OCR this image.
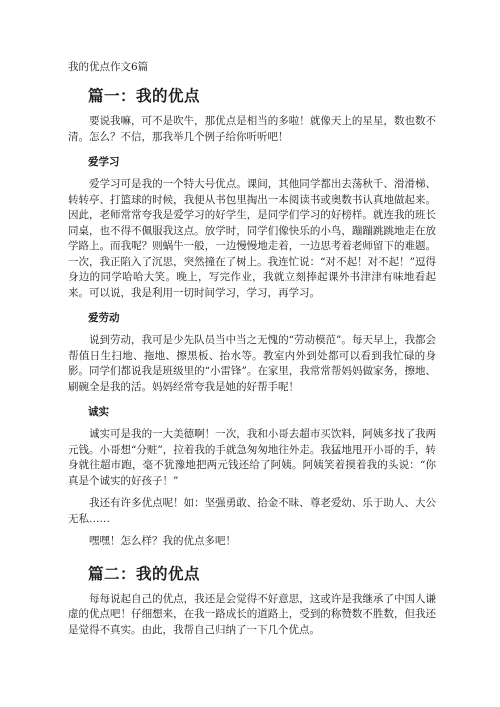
我的优点作文6篇
篇一：我的优点

要说我嘛，可不是吹牛，那优点是相当的多啦！就像天上的星星，数也数不清。怎么？不信，那我举几个例子给你听听吧！

爱学习

爱学习可是我的一个特大号优点。课间，其他同学都出去荡秋千、滑滑梯、转转亭、打篮球的时候，我便从书包里掏出一本阅读书或奥数书认真地做起来。因此，老师常常夸我是爱学习的好学生，是同学们学习的好榜样。就连我的班长同桌，也不得不佩服我这点。放学时，同学们像快乐的小鸟，蹦蹦跳跳地走在放学路上。而我呢？则蜗牛一般，一边慢慢地走着，一边思考着老师留下的难题。一次，我正陷入了沉思，突然撞在了树上。我连忙说：“对不起！对不起！”逗得身边的同学哈哈大笑。晚上，写完作业，我就立刻捧起课外书津津有味地看起来。可以说，我是利用一切时间学习，学习，再学习。

爱劳动

说到劳动，我可是少先队员当中当之无愧的“劳动模范”。每天早上，我都会帮值日生扫地、拖地、擦黑板、抬水等。教室内外到处都可以看到我忙碌的身影。同学们都说我是班级里的“小雷锋”。在家里，我常常帮妈妈做家务，擦地、刷碗全是我的活。妈妈经常夸我是她的好帮手呢！

诚实

诚实可是我的一大美德啊！一次，我和小哥去超市买饮料，阿姨多找了我两元钱。小哥想“分赃”，拉着我的手就急匆匆地往外走。我猛地甩开小哥的手，转身就往超市跑，毫不犹豫地把两元钱还给了阿姨。阿姨笑着摸着我的头说：“你真是个诚实的好孩子！”

我还有许多优点呢！如：坚强勇敢、拾金不昧、尊老爱幼、乐于助人、大公无私……

嘿嘿！怎么样？我的优点多吧！

篇二：我的优点

每每说起自己的优点，我还是会觉得不好意思，这或许是我继承了中国人谦虚的优点吧！仔细想来，在我一路成长的道路上，受到的称赞数不胜数，但我还是觉得不真实。由此，我帮自己归纳了一下几个优点。
